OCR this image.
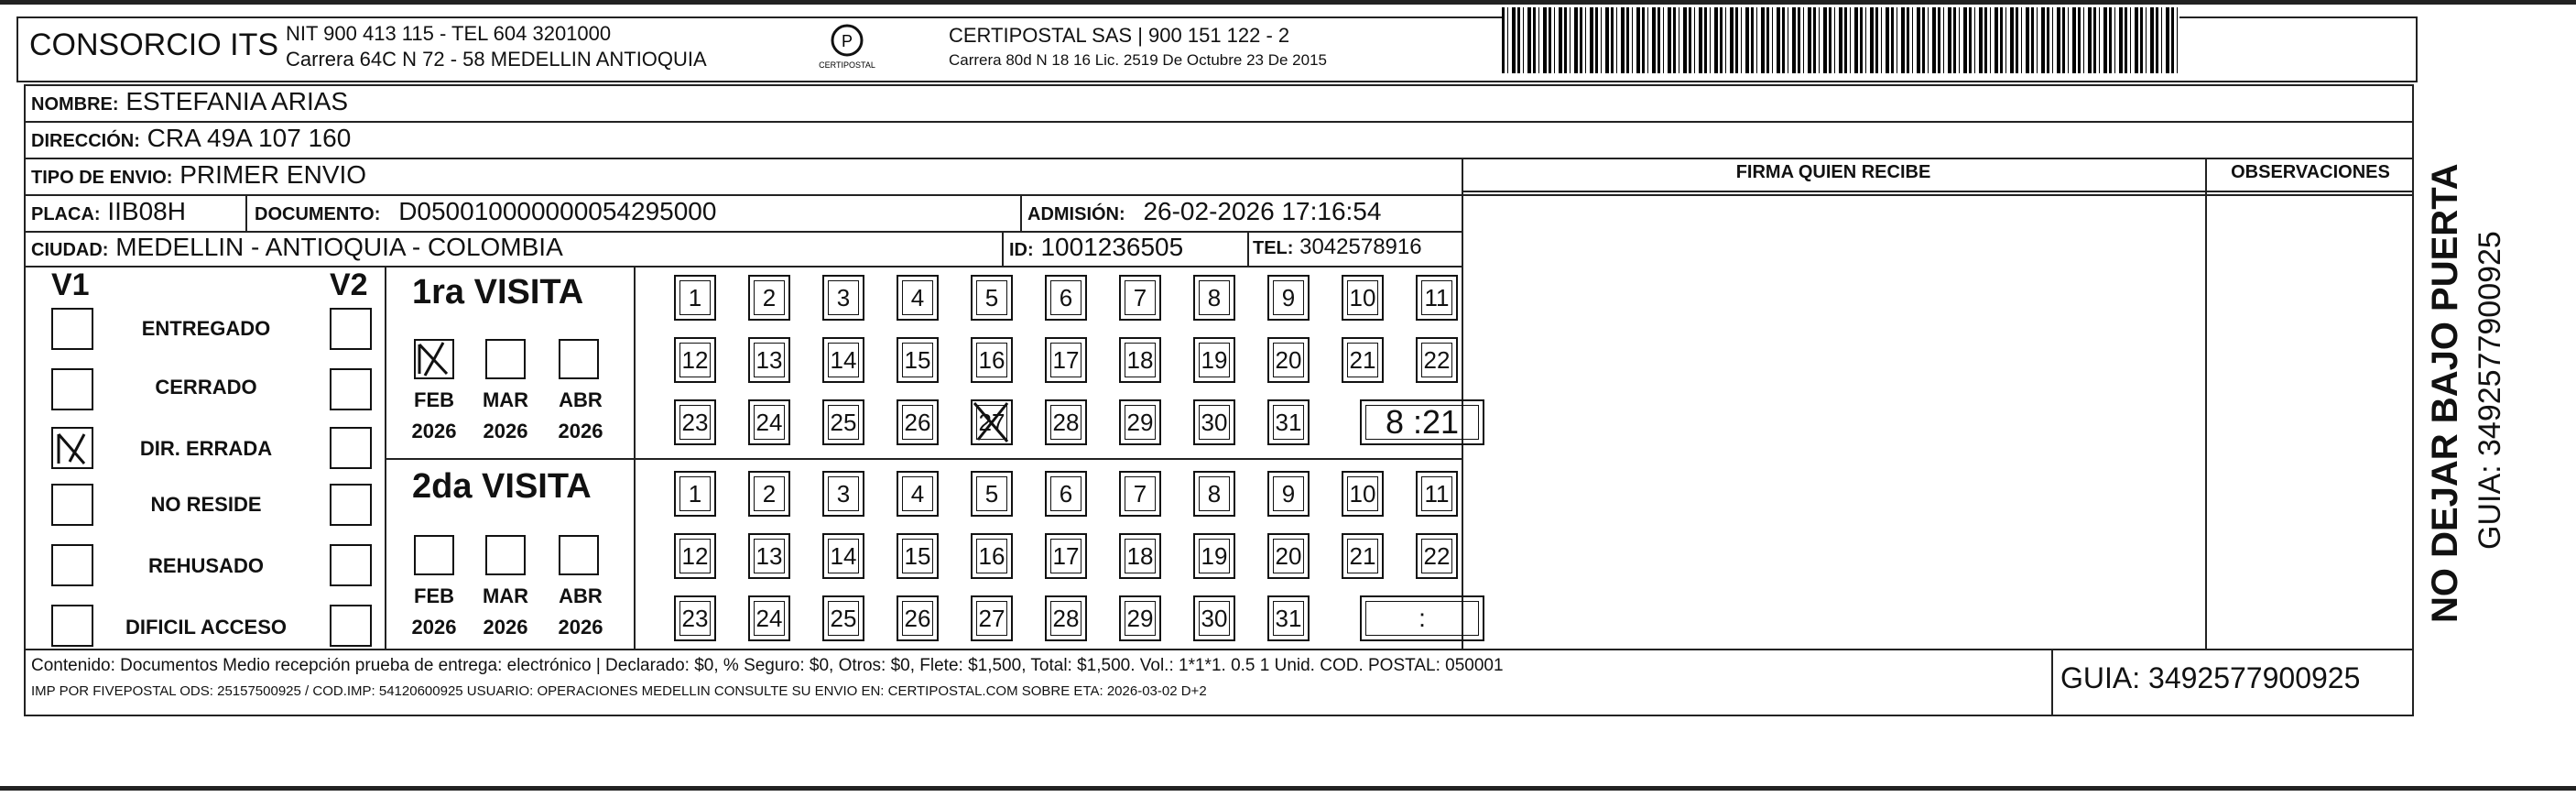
CONSORCIO ITS NIT 900 413 115 - TEL 604 3201000
Carrera 64C N 72 - 58 MEDELLIN ANTIOQUIA
P
CERTIPOSTAL
CERTIPOSTAL SAS | 900 151 122 - 2
Carrera 80d N 18 16 Lic. 2519 De Octubre 23 De 2015
NOMBRE: ESTEFANIA ARIAS
DIRECCIÓN: CRA 49A 107 160
TIPO DE ENVIO: PRIMER ENVIO
PLACA: IIB08H	DOCUMENTO: D050010000000054295000	ADMISIÓN: 26-02-2026 17:16:54
CIUDAD: MEDELLIN - ANTIOQUIA - COLOMBIA	ID: 1001236505	TEL: 3042578916
FIRMA QUIEN RECIBE	OBSERVACIONES
V1	V2
ENTREGADO
CERRADO
DIR. ERRADA
NO RESIDE
REHUSADO
DIFICIL ACCESO
1ra VISITA
2da VISITA
FEB MAR ABR
2026 2026 2026
FEB MAR ABR
2026 2026 2026
1	2	3	4	5	6	7	8	9	10 11
12 13 14 15 16 17 18 19 20 21 22
23 24 25 26 27 28 29 30 31	8 :21
1	2	3	4	5	6	7	8	9	10 11
12 13 14 15 16 17 18 19 20 21 22
23 24 25 26 27 28 29 30 31	:
Contenido: Documentos Medio recepción prueba de entrega: electrónico | Declarado: $0, % Seguro: $0, Otros: $0, Flete: $1,500, Total: $1,500. Vol.: 1*1*1. 0.5 1 Unid. COD. POSTAL: 050001
IMP POR FIVEPOSTAL ODS: 25157500925 / COD.IMP: 54120600925 USUARIO: OPERACIONES MEDELLIN CONSULTE SU ENVIO EN: CERTIPOSTAL.COM SOBRE ETA: 2026-03-02 D+2	GUIA: 3492577900925
NO DEJAR BAJO PUERTA GUIA: 3492577900925
